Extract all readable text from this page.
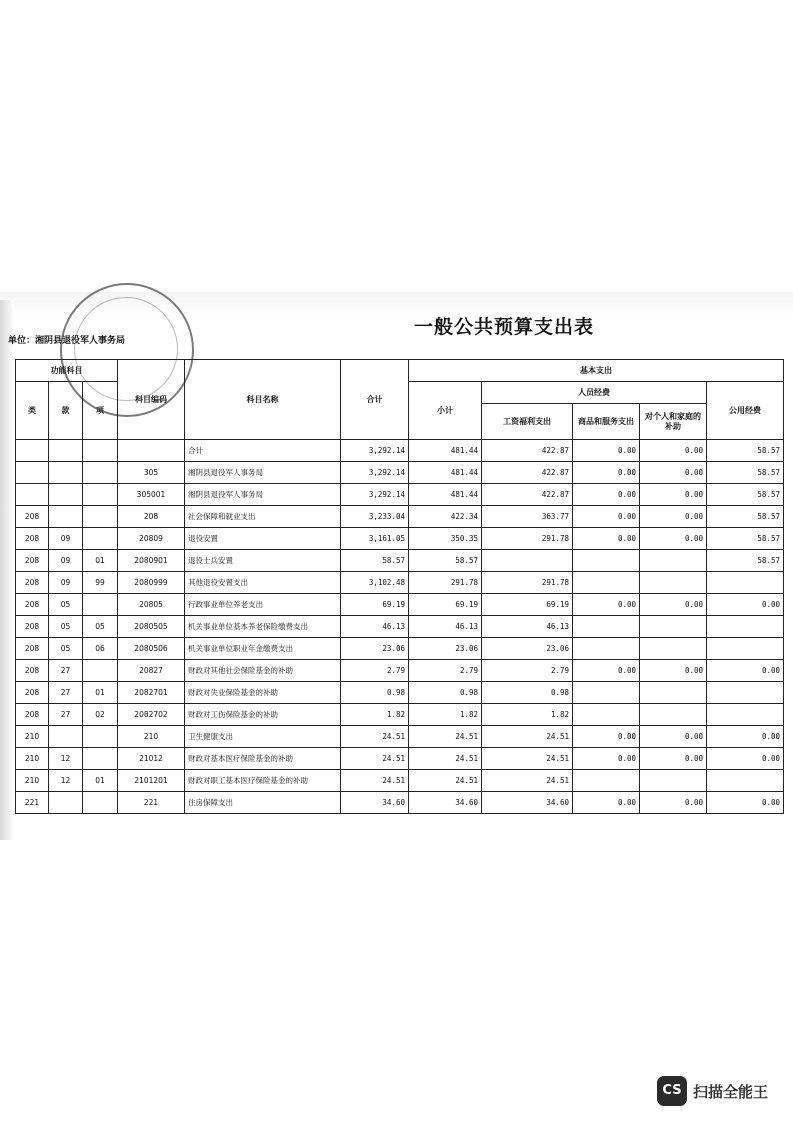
一般公共预算支出表
单位：湘阴县退役军人事务局
功能科目			科目编码	科目名称	合计	基本支出				
类	款	项				小计	人员经费			公用经费
							工资福利支出	商品和服务支出	对个人和家庭的补助	

				合计	3,292.14	481.44	422.87	0.00	0.00	58.57
			305	湘阴县退役军人事务局	3,292.14	481.44	422.87	0.00	0.00	58.57
			305001	湘阴县退役军人事务局	3,292.14	481.44	422.87	0.00	0.00	58.57
208			208	社会保障和就业支出	3,233.04	422.34	363.77	0.00	0.00	58.57
208	09		20809	退役安置	3,161.05	350.35	291.78	0.00	0.00	58.57
208	09	01	2080901	退役士兵安置	58.57	58.57				58.57
208	09	99	2080999	其他退役安置支出	3,102.48	291.78	291.78			
208	05		20805	行政事业单位养老支出	69.19	69.19	69.19	0.00	0.00	0.00
208	05	05	2080505	机关事业单位基本养老保险缴费支出	46.13	46.13	46.13			
208	05	06	2080506	机关事业单位职业年金缴费支出	23.06	23.06	23.06			
208	27		20827	财政对其他社会保险基金的补助	2.79	2.79	2.79	0.00	0.00	0.00
208	27	01	2082701	财政对失业保险基金的补助	0.98	0.98	0.98			
208	27	02	2082702	财政对工伤保险基金的补助	1.82	1.82	1.82			
210			210	卫生健康支出	24.51	24.51	24.51	0.00	0.00	0.00
210	12		21012	财政对基本医疗保险基金的补助	24.51	24.51	24.51	0.00	0.00	0.00
210	12	01	2101201	财政对职工基本医疗保险基金的补助	24.51	24.51	24.51			
221			221	住房保障支出	34.60	34.60	34.60	0.00	0.00	0.00
CS 扫描全能王
